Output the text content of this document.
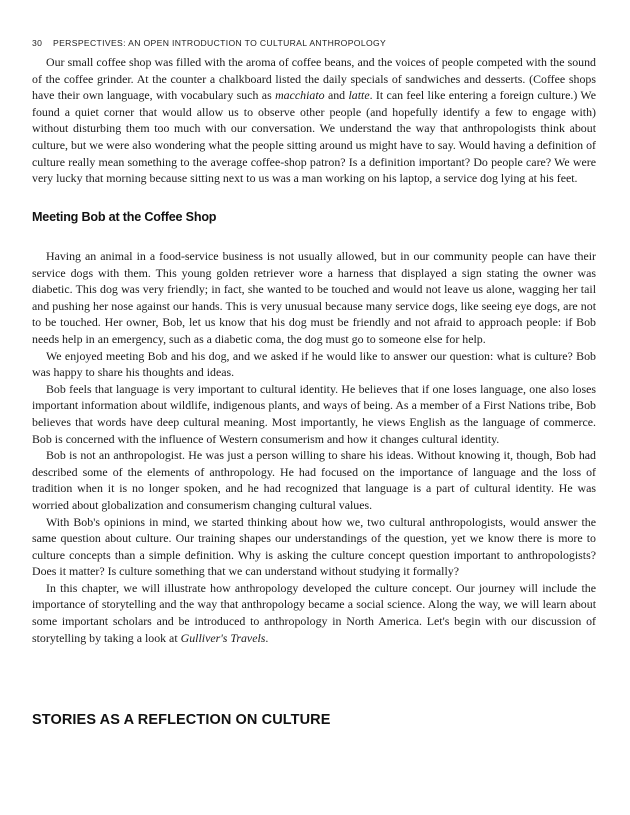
30 PERSPECTIVES: AN OPEN INTRODUCTION TO CULTURAL ANTHROPOLOGY

Our small coffee shop was filled with the aroma of coffee beans, and the voices of people competed with the sound of the coffee grinder. At the counter a chalkboard listed the daily specials of sandwiches and desserts. (Coffee shops have their own language, with vocabulary such as macchiato and latte. It can feel like entering a foreign culture.) We found a quiet corner that would allow us to observe other people (and hopefully identify a few to engage with) without disturbing them too much with our conversation. We understand the way that anthropologists think about culture, but we were also wondering what the people sitting around us might have to say. Would having a definition of culture really mean something to the average coffee-shop patron? Is a definition important? Do people care? We were very lucky that morning because sitting next to us was a man working on his laptop, a service dog lying at his feet.

Meeting Bob at the Coffee Shop

Having an animal in a food-service business is not usually allowed, but in our community people can have their service dogs with them. This young golden retriever wore a harness that displayed a sign stating the owner was diabetic. This dog was very friendly; in fact, she wanted to be touched and would not leave us alone, wagging her tail and pushing her nose against our hands. This is very unusual because many service dogs, like seeing eye dogs, are not to be touched. Her owner, Bob, let us know that his dog must be friendly and not afraid to approach people: if Bob needs help in an emergency, such as a diabetic coma, the dog must go to someone else for help.

We enjoyed meeting Bob and his dog, and we asked if he would like to answer our question: what is culture? Bob was happy to share his thoughts and ideas.

Bob feels that language is very important to cultural identity. He believes that if one loses language, one also loses important information about wildlife, indigenous plants, and ways of being. As a member of a First Nations tribe, Bob believes that words have deep cultural meaning. Most importantly, he views English as the language of commerce. Bob is concerned with the influence of Western consumerism and how it changes cultural identity.

Bob is not an anthropologist. He was just a person willing to share his ideas. Without knowing it, though, Bob had described some of the elements of anthropology. He had focused on the importance of language and the loss of tradition when it is no longer spoken, and he had recognized that language is a part of cultural identity. He was worried about globalization and consumerism changing cultural values.

With Bob's opinions in mind, we started thinking about how we, two cultural anthropologists, would answer the same question about culture. Our training shapes our understandings of the question, yet we know there is more to culture concepts than a simple definition. Why is asking the culture concept question important to anthropologists? Does it matter? Is culture something that we can understand without studying it formally?

In this chapter, we will illustrate how anthropology developed the culture concept. Our journey will include the importance of storytelling and the way that anthropology became a social science. Along the way, we will learn about some important scholars and be introduced to anthropology in North America. Let's begin with our discussion of storytelling by taking a look at Gulliver's Travels.

STORIES AS A REFLECTION ON CULTURE
